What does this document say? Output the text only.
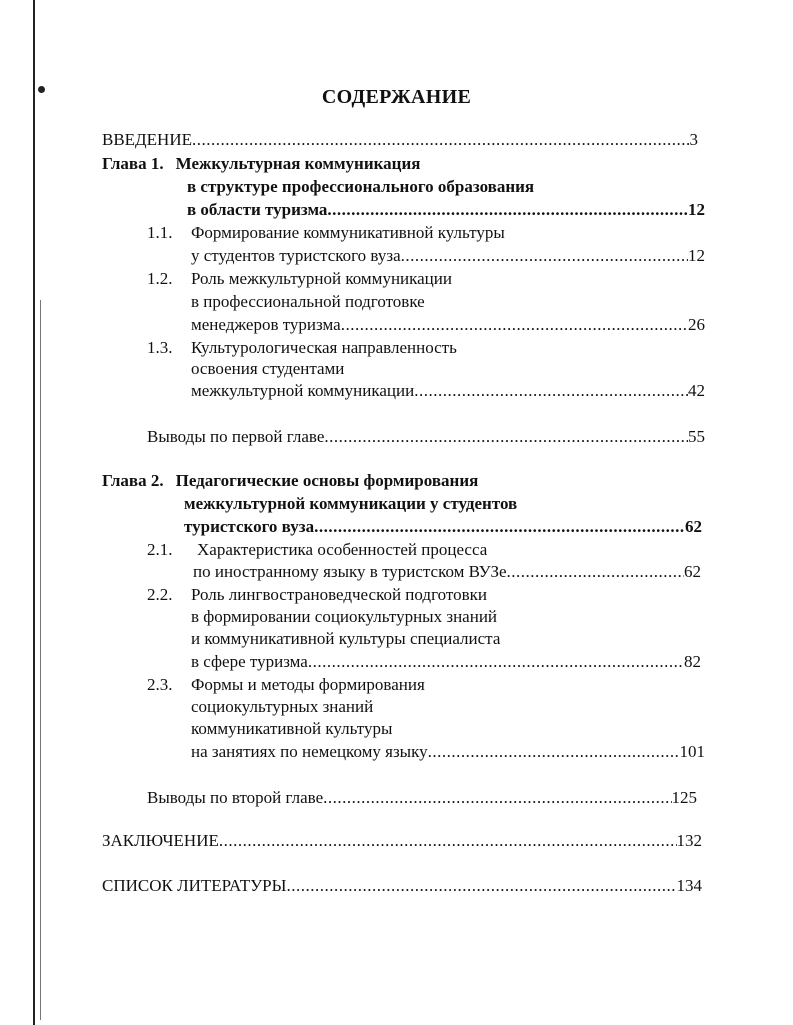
СОДЕРЖАНИЕ
ВВЕДЕНИЕ .....	3
Глава 1. Межкультурная коммуникация
в структуре профессионального образования
в области туризма .....	12
1.1.	Формирование коммуникативной культуры
у студентов туристского вуза .....	12
1.2.	Роль межкультурной коммуникации
в профессиональной подготовке
менеджеров туризма .....	26
1.3.	Культурологическая направленность
освоения студентами
межкультурной коммуникации .....	42
Выводы по первой главе .....	55
Глава 2. Педагогические основы формирования
межкультурной коммуникации у студентов
туристского вуза .....	62
2.1.	Характеристика особенностей процесса
по иностранному языку в туристском ВУЗе .....	62
2.2.	Роль лингвострановедческой подготовки
в формировании социокультурных знаний
и коммуникативной культуры специалиста
в сфере туризма .....	82
2.3.	Формы и методы формирования
социокультурных знаний
коммуникативной культуры
на занятиях по немецкому языку .....	101
Выводы по второй главе .....	125
ЗАКЛЮЧЕНИЕ .....	132
СПИСОК ЛИТЕРАТУРЫ .....	134
